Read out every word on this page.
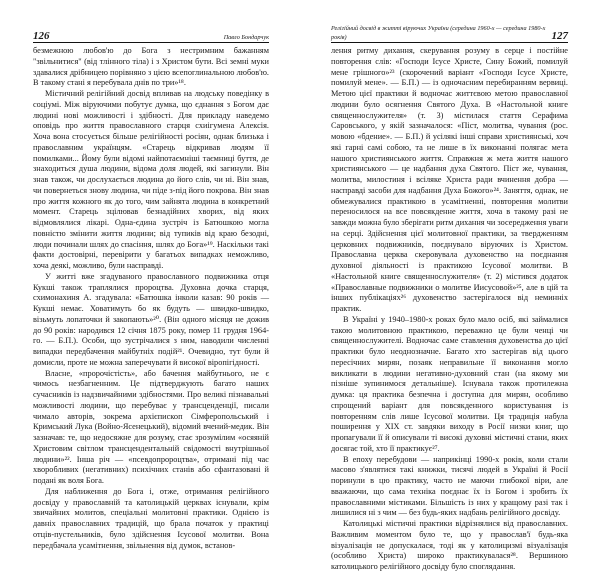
126	Павло Бондарчук

безмежною любов'ю до Бога з нестримним бажанням "звільнитися" (від тлінного тіла) і з Христом бути. Всі земні муки здавалися дрібницею порівняно з цією всепоглинальною любов'ю. В такому стані я перебувала днів по три»¹⁸.

Містичний релігійний досвід впливав на людську поведінку в соціумі. Між віруючими побутує думка, що єднання з Богом дає людині нові можливості і здібності. Для прикладу наведемо оповідь про життя православного старця схиігумена Алексія. Хоча вона стосується більше релігійності росіян, однак близька і православним українцям. «Старець відкривав людям її помилками... Йому були відомі найпотаємніші таємниці буття, де знаходиться душа людини, відома доля людей, які загинули. Він знав також, чи дослухається людина до його слів, чи ні. Він знав, чи повернеться знову людина, чи піде з-під його покрова. Він знав про життя кожного як до того, чим зайнята людина в конкретний момент. Старець зцілював безнадійних хворих, від яких відмовлялися лікарі. Одна-єдина зустріч із Батюшкою могла повністю змінити життя людини; від тупиків від краю безодні, люди починали шлях до спасіння, шлях до Бога»¹⁹. Наскільки такі факти достовірні, перевірити у багатьох випадках неможливо, хоча деякі, можливо, були насправді.

У житті вже згадуваного православного подвижника отця Кукші також траплялися пророцтва. Духовна дочка старця, схимонахиня А. згадувала: «Батюшка інколи казав: 90 років — Кукші немає. Ховатимуть бо як будуть — швидко-швидко, візьмуть лопаточки й закопають»²⁰. (Він одного місяця не дожив до 90 років: народився 12 січня 1875 року, помер 11 грудня 1964-го. — Б.П.). Особи, що зустрічалися з ним, наводили численні випадки передбачення майбутніх подій²¹. Очевидно, тут були й домисли, проте не можна заперечувати й високої віропігідності.

Власне, «пророчістість», або бачення майбутнього, не є чимось незбагненним. Це підтверджують багато наших сучасників із надзвичайними здібностями. Про великі пізнавальні можливості людини, що перебуває у трансценденції, писали чимало авторів, зокрема архієпископ Сімферопольський і Кримський Лука (Войно-Ясенецький), відомий вчений-медик. Він зазначав: те, що недосяжне для розуму, стає зрозумілим «осяяній Христовим світлом трансцендентальній свідомості внутрішньої людини»²². Інша річ — «псевдопророцтва», отримані під час хворобливих (негативних) психічних станів або сфантазовані й подані як воля Бога.

Для наближення до Бога і, отже, отримання релігійного досвіду у православній та католицькій церквах існували, крім звичайних молитов, спеціальні молитовні практики. Однією із давніх православних традицій, що брала початок у практиці отців-пустельників, було здійснення Ісусової молитви. Вона передбачала усамітнення, звільнення від думок, встанов-

Релігійний досвід в житті віруючих України (середина 1960-х — середина 1980-х років)	127

лення ритму дихання, скерування розуму в серце і постійне повторення слів: «Господи Ісусе Христе, Сину Божий, помилуй мене грішного»²³ (скорочений варіант «Господи Ісусе Христе, помилуй мене». — Б.П.) — із одночасним перебиранням вервиці. Метою цієї практики й водночас життєвою метою православної людини було осягнення Святого Духа. В «Настольной книге священнослужителя» (т. 3) містилася стаття Серафима Саровського, у якій зазначалося: «Піст, молитва, чування (рос. мовою «бдение». — Б.П.) й усілякі інші справи християнські, хоч які гарні самі собою, та не лише в їх виконанні полягає мета нашого християнського життя. Справжня ж мета життя нашого християнського — це надбання духа Святого. Піст же, чування, молитва, милостиня і всіляке Христа ради вчинення добра — насправді засоби для надбання Духа Божого»²⁴. Заняття, однак, не обмежувалися практикою в усамітненні, повторення молитви переносилося на все повсякденне життя, хоча в такому разі не завжди можна було зберігати ритм дихання чи зосередження уваги на серці. Здійснення цієї молитовної практики, за твердженням церковних подвижників, поєднувало віруючих із Христом. Православна церква скеровувала духовенство на поєднання духовної діяльності із практикою Ісусової молитви. В «Настольной книге священнослужителя» (т. 2) містився додаток «Православные подвижники о молитве Иисусовой»²⁵, але в цій та інших публікаціях²⁶ духовенство застерігалося від неминніх практик.

В Україні у 1940–1980-х роках було мало осіб, які займалися такою молитовною практикою, переважно це були ченці чи священнослужителі. Водночас саме ставлення духовенства до цієї практики було неоднозначне. Багато хто застерігав від цього пересічних мирян, позаяк неправильне її виконання могло викликати в людини негативно-духовний стан (на якому ми пізніше зупинимося детальніше). Існувала також протилежна думка: ця практика безпечна і доступна для мирян, особливо спрощений варіант для повсякденного користування із повторенням слів лише Ісусової молитви. Ця традиція набула поширення у XIX ст. завдяки виходу в Росії низки книг, що пропагували її й описували ті високі духовні містичні стани, яких досягає той, хто її практикує²⁷.

В епоху перебудови — наприкінці 1990-х років, коли стали масово з'являтися такі книжки, тисячі людей в Україні й Росії поринули в цю практику, часто не маючи глибокої віри, але вважаючи, що сама техніка поєднає їх із Богом і зробить їх православними містиками. Більшість із них у кращому разі так і лишилися ні з чим — без будь-яких надбань релігійного досвіду.

Католицькі містичні практики відрізнялися від православних. Важливим моментом було те, що у православ'ї будь-яка візуалізація не допускалася, тоді як у католицизмі візуалізація (особливо Христа) широко практикувалася²⁸. Вершиною католицького релігійного досвіду було споглядання.
